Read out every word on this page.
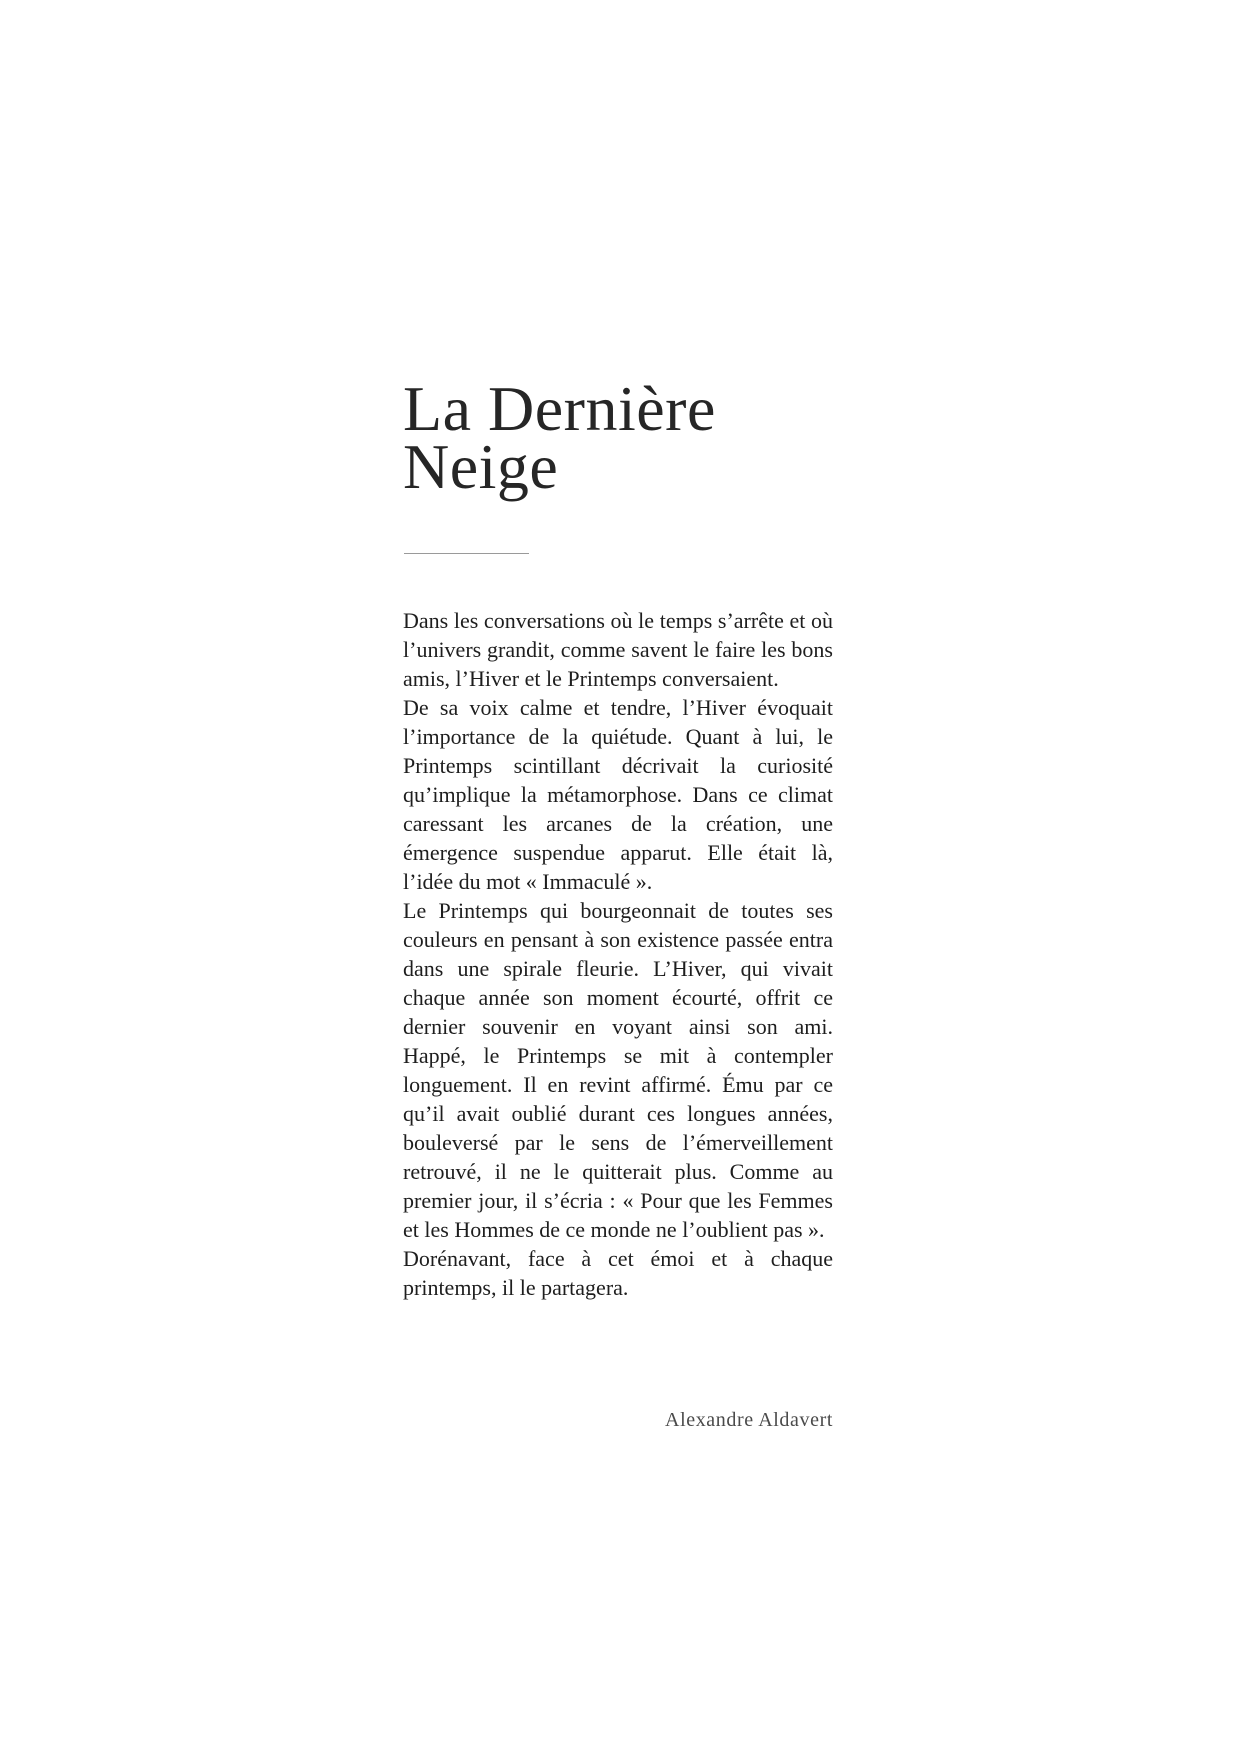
La Dernière
Neige

Dans les conversations où le temps s’arrête et où l’univers grandit, comme savent le faire les bons amis, l’Hiver et le Printemps conversaient.

De sa voix calme et tendre, l’Hiver évoquait l’importance de la quiétude. Quant à lui, le Printemps scintillant décrivait la curiosité qu’implique la métamorphose. Dans ce climat caressant les arcanes de la création, une émergence suspendue apparut. Elle était là, l’idée du mot « Immaculé ».

Le Printemps qui bourgeonnait de toutes ses couleurs en pensant à son existence passée entra dans une spirale fleurie. L’Hiver, qui vivait chaque année son moment écourté, offrit ce dernier souvenir en voyant ainsi son ami. Happé, le Printemps se mit à contempler longuement. Il en revint affirmé. Ému par ce qu’il avait oublié durant ces longues années, bouleversé par le sens de l’émerveillement retrouvé, il ne le quitterait plus. Comme au premier jour, il s’écria : « Pour que les Femmes et les Hommes de ce monde ne l’oublient pas ».

Dorénavant, face à cet émoi et à chaque printemps, il le partagera.

Alexandre Aldavert
